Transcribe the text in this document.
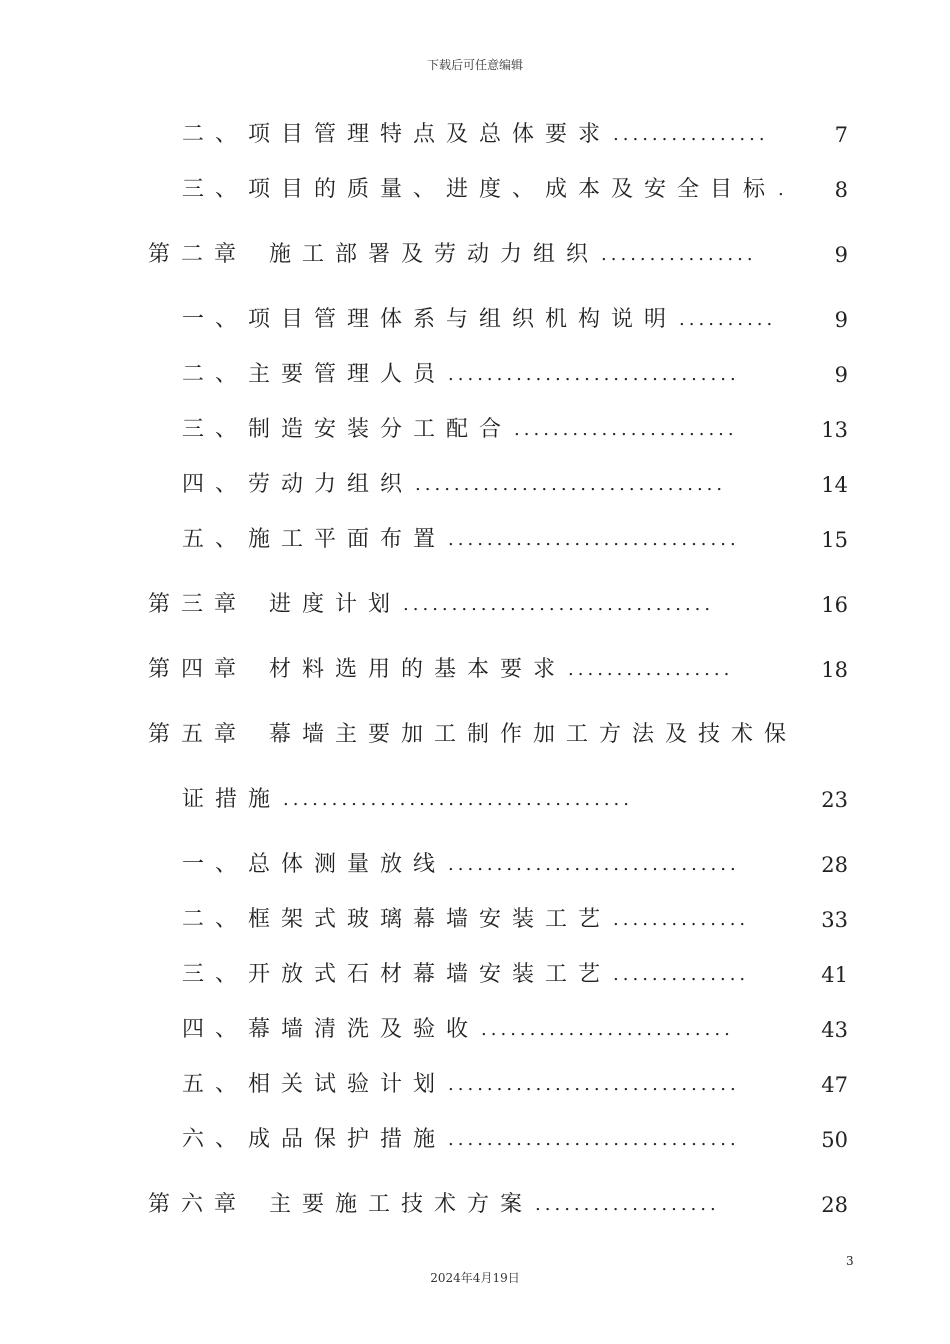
下载后可任意编辑
二、项目管理特点及总体要求 ................	7
三、项目的质量、进度、成本及安全目标 .	8
第二章 施工部署及劳动力组织 ................	9
一、项目管理体系与组织机构说明 ..........	9
二、主要管理人员 ..............................	9
三、制造安装分工配合 .......................	13
四、劳动力组织 ................................	14
五、施工平面布置 ..............................	15
第三章 进度计划 ................................	16
第四章 材料选用的基本要求 .................	18
第五章 幕墙主要加工制作加工方法及技术保
证措施 ....................................	23
一、总体测量放线 ..............................	28
二、框架式玻璃幕墙安装工艺 ..............	33
三、开放式石材幕墙安装工艺 ..............	41
四、幕墙清洗及验收 ..........................	43
五、相关试验计划 ..............................	47
六、成品保护措施 ..............................	50
第六章 主要施工技术方案 ...................	28
3
2024年4月19日
